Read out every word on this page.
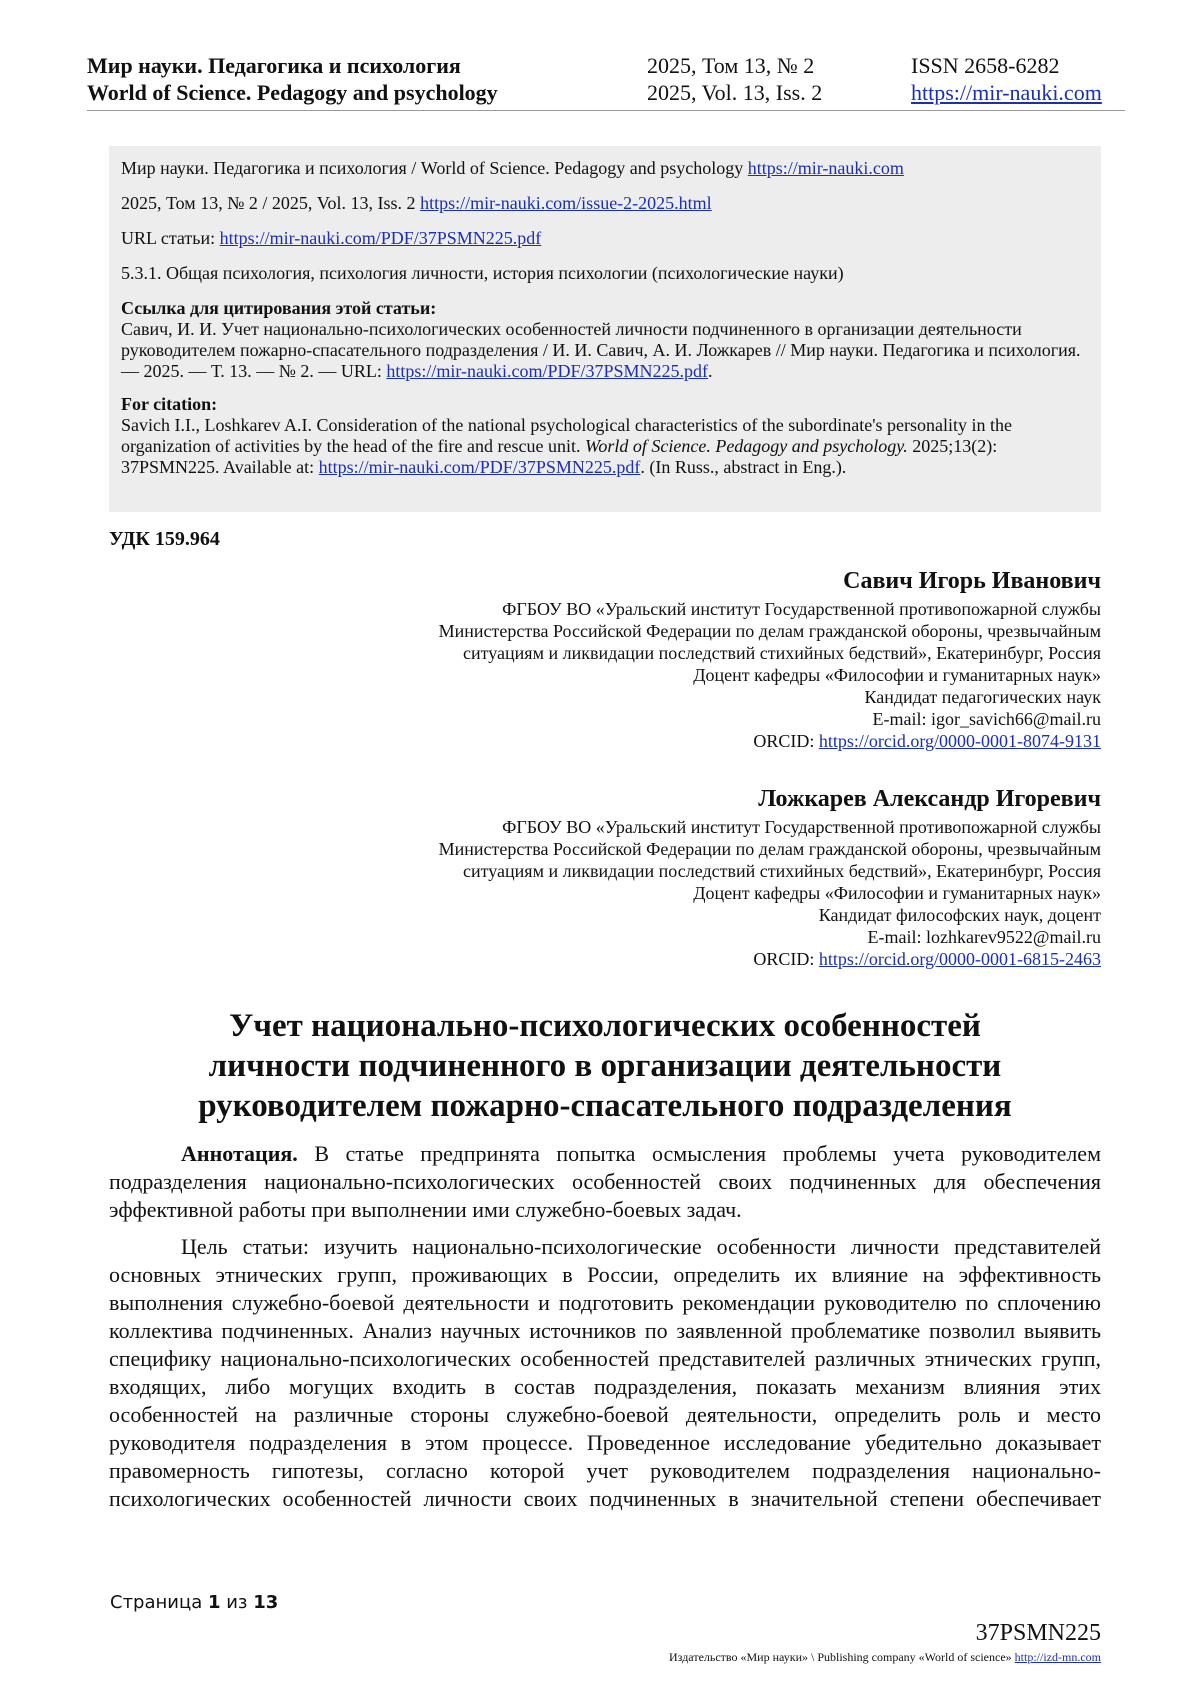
Мир науки. Педагогика и психология
World of Science. Pedagogy and psychology
2025, Том 13, № 2
2025, Vol. 13, Iss. 2
ISSN 2658-6282
https://mir-nauki.com

Мир науки. Педагогика и психология / World of Science. Pedagogy and psychology https://mir-nauki.com

2025, Том 13, № 2 / 2025, Vol. 13, Iss. 2 https://mir-nauki.com/issue-2-2025.html

URL статьи: https://mir-nauki.com/PDF/37PSMN225.pdf

5.3.1. Общая психология, психология личности, история психологии (психологические науки)

Ссылка для цитирования этой статьи:

Савич, И. И. Учет национально-психологических особенностей личности подчиненного в организации деятельности руководителем пожарно-спасательного подразделения / И. И. Савич, А. И. Ложкарев // Мир науки. Педагогика и психология. — 2025. — Т. 13. — № 2. — URL: https://mir-nauki.com/PDF/37PSMN225.pdf.

For citation:

Savich I.I., Loshkarev A.I. Consideration of the national psychological characteristics of the subordinate's personality in the organization of activities by the head of the fire and rescue unit. World of Science. Pedagogy and psychology. 2025;13(2): 37PSMN225. Available at: https://mir-nauki.com/PDF/37PSMN225.pdf. (In Russ., abstract in Eng.).

УДК 159.964
Савич Игорь Иванович
ФГБОУ ВО «Уральский институт Государственной противопожарной службы
Министерства Российской Федерации по делам гражданской обороны, чрезвычайным
ситуациям и ликвидации последствий стихийных бедствий», Екатеринбург, Россия
Доцент кафедры «Философии и гуманитарных наук»
Кандидат педагогических наук
E-mail: igor_savich66@mail.ru
ORCID: https://orcid.org/0000-0001-8074-9131
Ложкарев Александр Игоревич
ФГБОУ ВО «Уральский институт Государственной противопожарной службы
Министерства Российской Федерации по делам гражданской обороны, чрезвычайным
ситуациям и ликвидации последствий стихийных бедствий», Екатеринбург, Россия
Доцент кафедры «Философии и гуманитарных наук»
Кандидат философских наук, доцент
E-mail: lozhkarev9522@mail.ru
ORCID: https://orcid.org/0000-0001-6815-2463
Учет национально-психологических особенностей
личности подчиненного в организации деятельности
руководителем пожарно-спасательного подразделения

Аннотация. В статье предпринята попытка осмысления проблемы учета руководителем подразделения национально-психологических особенностей своих подчиненных для обеспечения эффективной работы при выполнении ими служебно-боевых задач.

Цель статьи: изучить национально-психологические особенности личности представителей основных этнических групп, проживающих в России, определить их влияние на эффективность выполнения служебно-боевой деятельности и подготовить рекомендации руководителю по сплочению коллектива подчиненных. Анализ научных источников по заявленной проблематике позволил выявить специфику национально-психологических особенностей представителей различных этнических групп, входящих, либо могущих входить в состав подразделения, показать механизм влияния этих особенностей на различные стороны служебно-боевой деятельности, определить роль и место руководителя подразделения в этом процессе. Проведенное исследование убедительно доказывает правомерность гипотезы, согласно которой учет руководителем подразделения национально-психологических особенностей личности своих подчиненных в значительной степени обеспечивает

Страница 1 из 13
37PSMN225
Издательство «Мир науки» \ Publishing company «World of science» http://izd-mn.com
